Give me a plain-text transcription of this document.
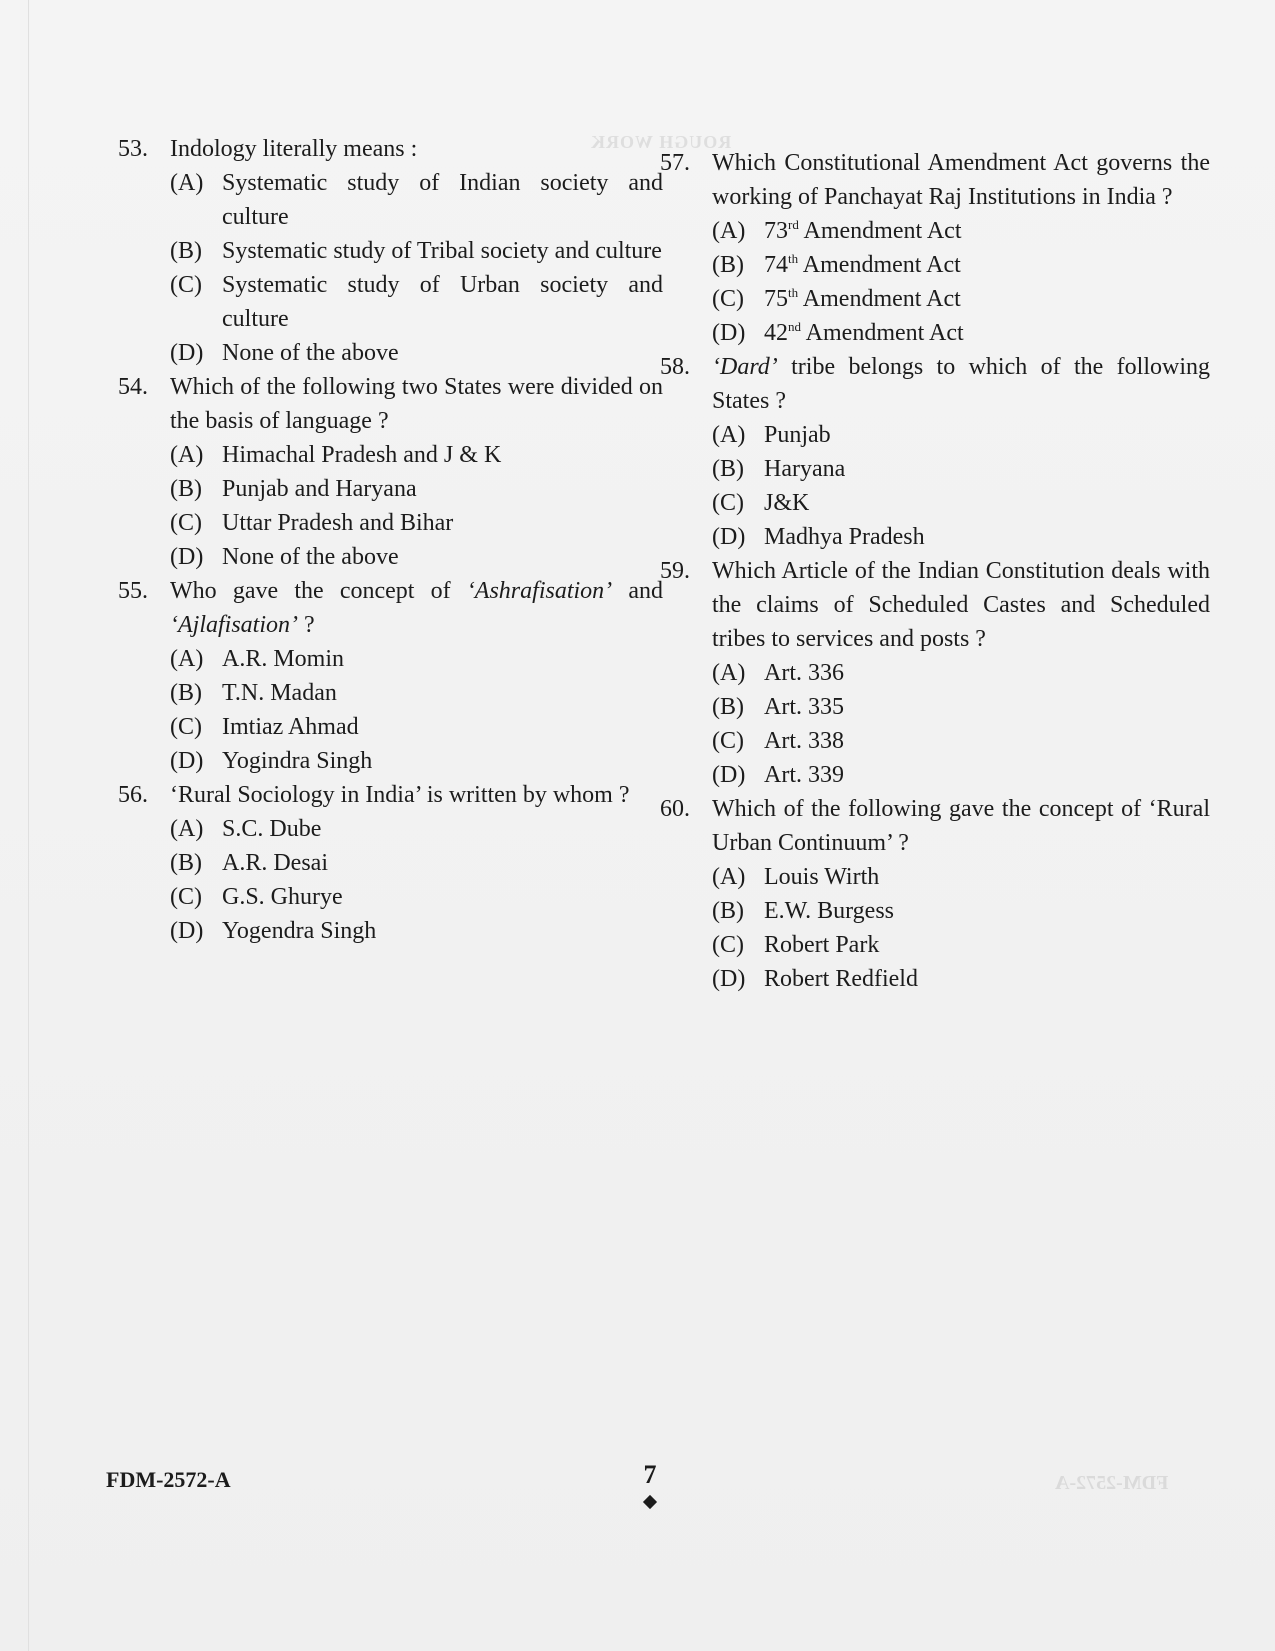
ROUGH WORK
53. Indology literally means :
(A) Systematic study of Indian society and culture
(B) Systematic study of Tribal society and culture
(C) Systematic study of Urban society and culture
(D) None of the above
54. Which of the following two States were divided on the basis of language ?
(A) Himachal Pradesh and J & K
(B) Punjab and Haryana
(C) Uttar Pradesh and Bihar
(D) None of the above
55. Who gave the concept of ‘Ashrafisation’ and ‘Ajlafisation’ ?
(A) A.R. Momin
(B) T.N. Madan
(C) Imtiaz Ahmad
(D) Yogindra Singh
56. ‘Rural Sociology in India’ is written by whom ?
(A) S.C. Dube
(B) A.R. Desai
(C) G.S. Ghurye
(D) Yogendra Singh
57. Which Constitutional Amendment Act governs the working of Panchayat Raj Institutions in India ?
(A) 73rd Amendment Act
(B) 74th Amendment Act
(C) 75th Amendment Act
(D) 42nd Amendment Act
58. ‘Dard’ tribe belongs to which of the following States ?
(A) Punjab
(B) Haryana
(C) J&K
(D) Madhya Pradesh
59. Which Article of the Indian Constitution deals with the claims of Scheduled Castes and Scheduled tribes to services and posts ?
(A) Art. 336
(B) Art. 335
(C) Art. 338
(D) Art. 339
60. Which of the following gave the concept of ‘Rural Urban Continuum’ ?
(A) Louis Wirth
(B) E.W. Burgess
(C) Robert Park
(D) Robert Redfield
FDM-2572-A	7	FDM-2572-A
